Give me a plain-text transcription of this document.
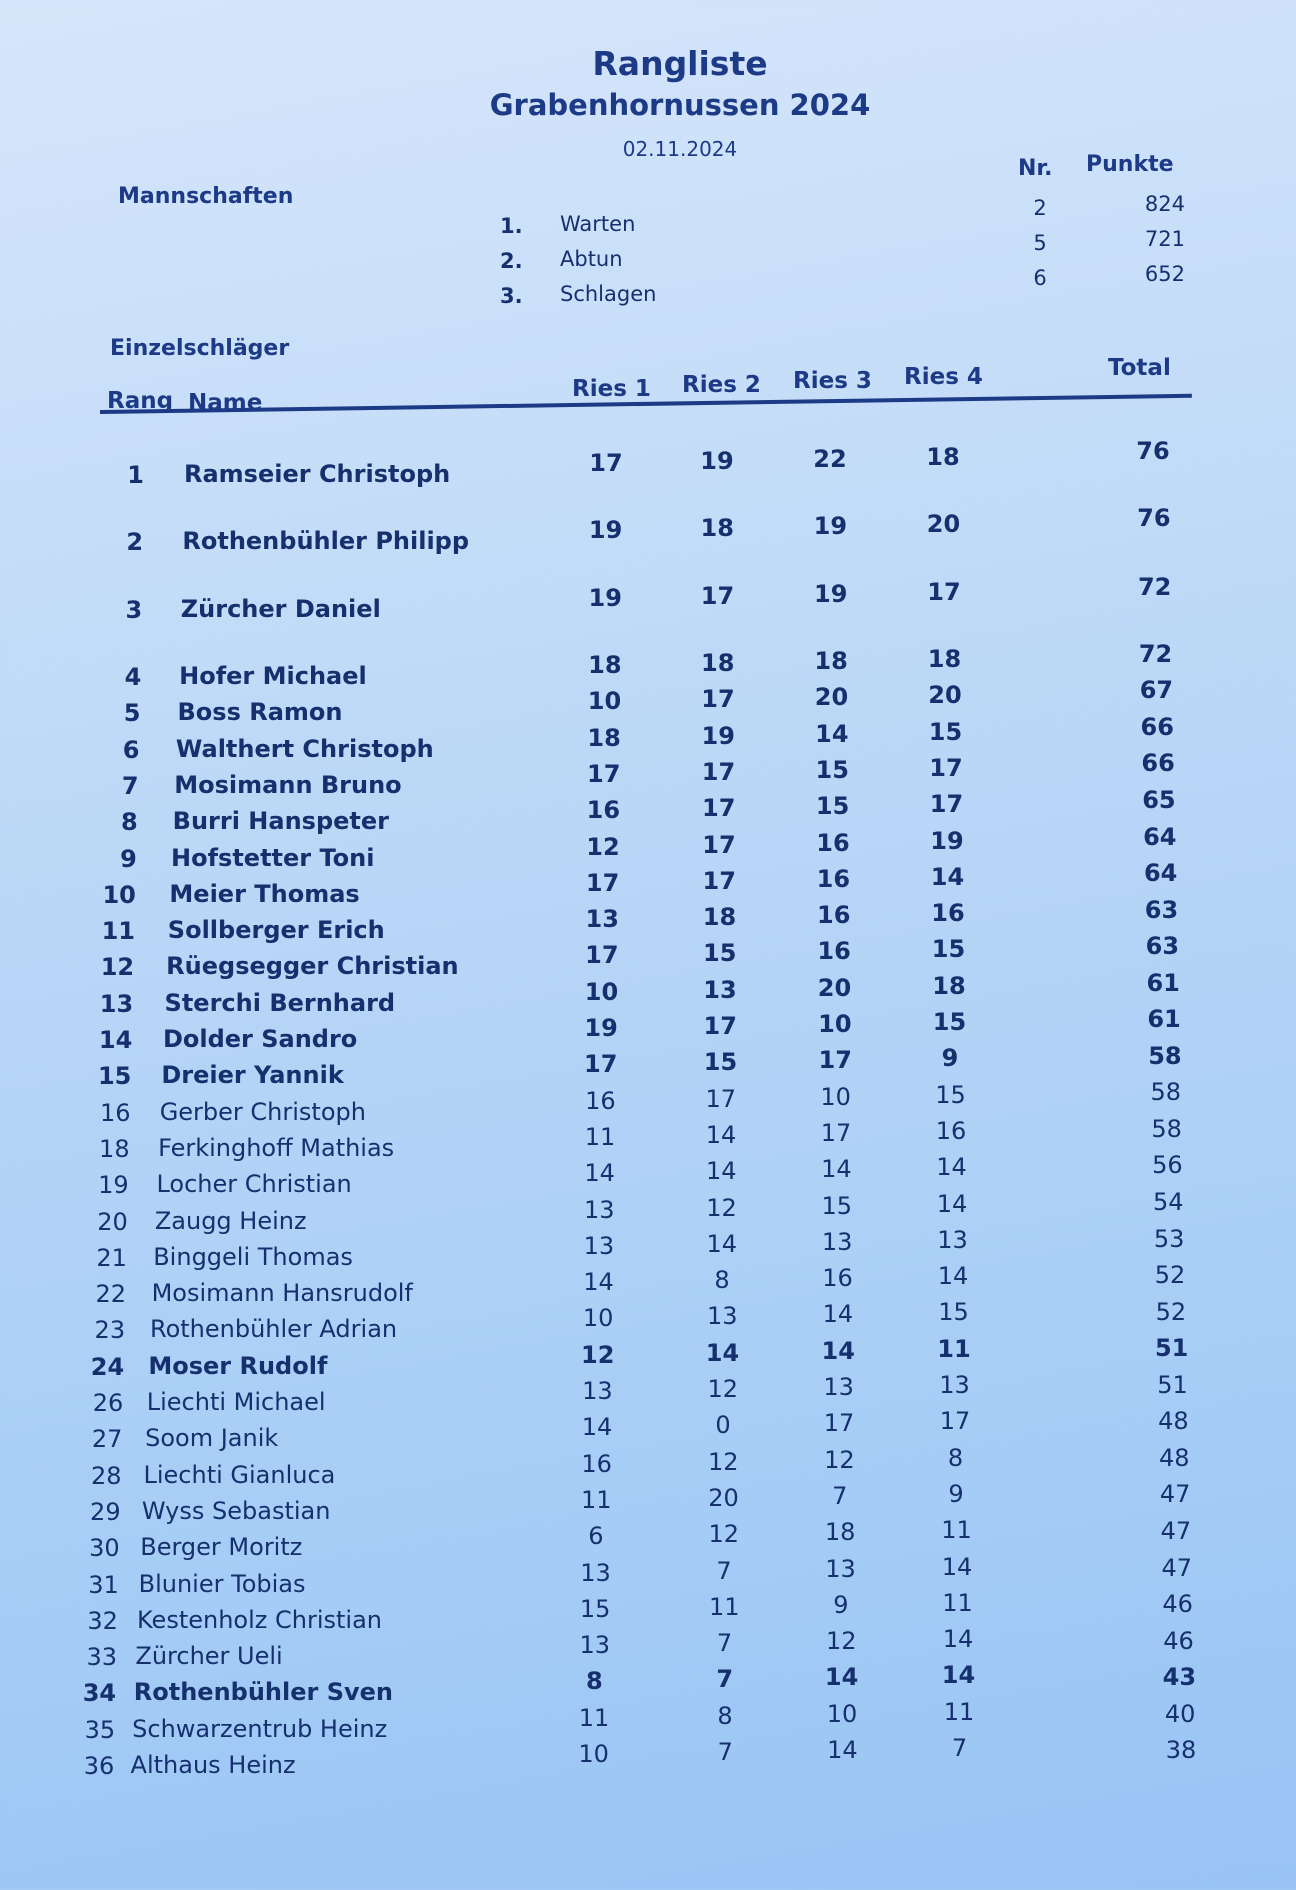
Rangliste
Grabenhornussen 2024
02.11.2024
Mannschaften
Nr. Punkte
1. Warten
2	824
2. Abtun
5	721
3. Schlagen
6	652
Einzelschläger
Rang Name
Ries 1 Ries 2 Ries 3 Ries 4	Total
1 Ramseier Christoph	17	19	22	18	76
2 Rothenbühler Philipp	19	18	19	20	76
3 Zürcher Daniel	19	17	19	17	72
4 Hofer Michael	18	18	18	18	72
5 Boss Ramon	10	17	20	20	67
6 Walthert Christoph	18	19	14	15	66
7 Mosimann Bruno	17	17	15	17	66
8 Burri Hanspeter	16	17	15	17	65
9 Hofstetter Toni	12	17	16	19	64
10 Meier Thomas	17	17	16	14	64
11 Sollberger Erich	13	18	16	16	63
12 Rüegsegger Christian	17	15	16	15	63
13 Sterchi Bernhard	10	13	20	18	61
14 Dolder Sandro	19	17	10	15	61
15 Dreier Yannik	17	15	17	9	58
16 Gerber Christoph	16	17	10	15	58
18 Ferkinghoff Mathias	11	14	17	16	58
19 Locher Christian	14	14	14	14	56
20 Zaugg Heinz	13	12	15	14	54
21 Binggeli Thomas	13	14	13	13	53
22 Mosimann Hansrudolf	14	8	16	14	52
23 Rothenbühler Adrian	10	13	14	15	52
24 Moser Rudolf	12	14	14	11	51
26 Liechti Michael	13	12	13	13	51
27 Soom Janik	14	0	17	17	48
28 Liechti Gianluca	16	12	12	8	48
29 Wyss Sebastian	11	20	7	9	47
30 Berger Moritz	6	12	18	11	47
31 Blunier Tobias	13	7	13	14	47
32 Kestenholz Christian	15	11	9	11	46
33 Zürcher Ueli	13	7	12	14	46
34 Rothenbühler Sven	8	7	14	14	43
35 Schwarzentrub Heinz	11	8	10	11	40
36 Althaus Heinz	10	7	14	7	38
